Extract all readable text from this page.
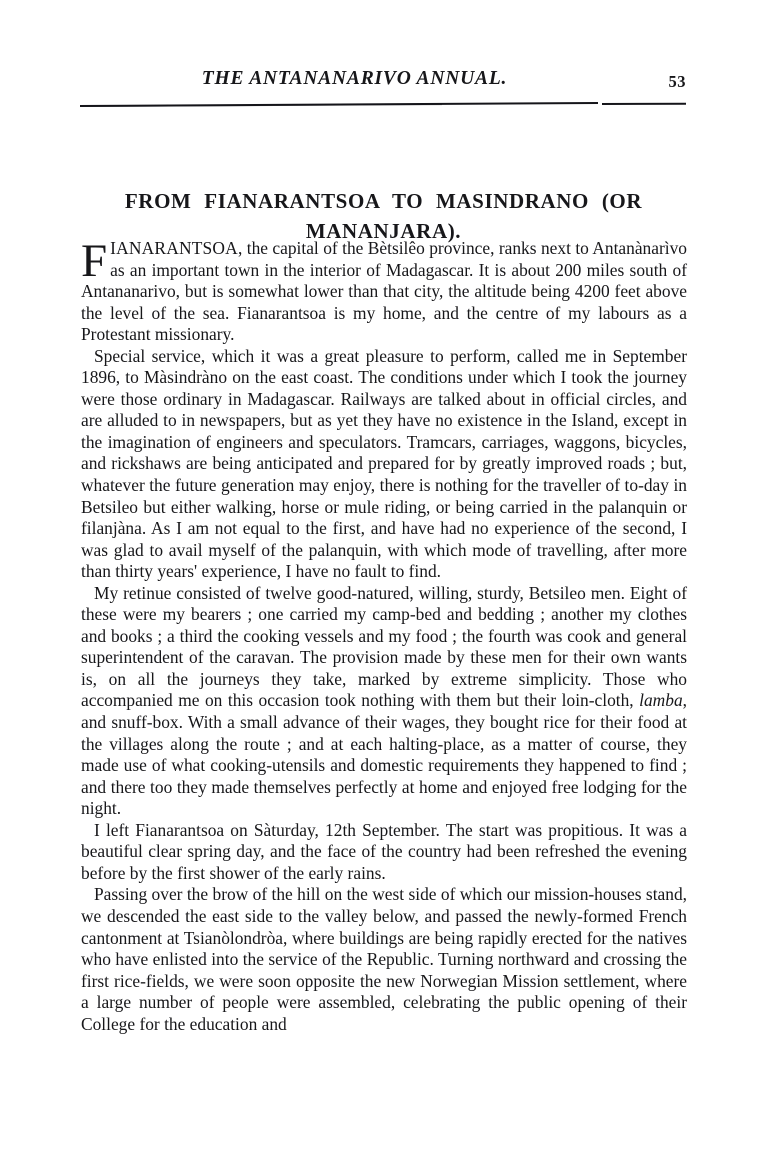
THE ANTANANARIVO ANNUAL.	53
FROM FIANARANTSOA TO MASINDRANO (OR
MANANJARA).

FIANARANTSOA, the capital of the Bètsilêo province, ranks next to Antanànarìvo as an important town in the interior of Madagascar. It is about 200 miles south of Antananarivo, but is somewhat lower than that city, the altitude being 4200 feet above the level of the sea. Fianarantsoa is my home, and the centre of my labours as a Protestant missionary.

Special service, which it was a great pleasure to perform, called me in September 1896, to Màsindràno on the east coast. The conditions under which I took the journey were those ordinary in Madagascar. Railways are talked about in official circles, and are alluded to in newspapers, but as yet they have no existence in the Island, except in the imagination of engineers and speculators. Tramcars, carriages, waggons, bicycles, and rickshaws are being anticipated and prepared for by greatly improved roads ; but, whatever the future generation may enjoy, there is nothing for the traveller of to-day in Betsileo but either walking, horse or mule riding, or being carried in the palanquin or filanjàna. As I am not equal to the first, and have had no experience of the second, I was glad to avail myself of the palanquin, with which mode of travelling, after more than thirty years' experience, I have no fault to find.

My retinue consisted of twelve good-natured, willing, sturdy, Betsileo men. Eight of these were my bearers ; one carried my camp-bed and bedding ; another my clothes and books ; a third the cooking vessels and my food ; the fourth was cook and general superintendent of the caravan. The provision made by these men for their own wants is, on all the journeys they take, marked by extreme simplicity. Those who accompanied me on this occasion took nothing with them but their loin-cloth, lamba, and snuff-box. With a small advance of their wages, they bought rice for their food at the villages along the route ; and at each halting-place, as a matter of course, they made use of what cooking-utensils and domestic requirements they happened to find ; and there too they made themselves perfectly at home and enjoyed free lodging for the night.

I left Fianarantsoa on Sàturday, 12th September. The start was propitious. It was a beautiful clear spring day, and the face of the country had been refreshed the evening before by the first shower of the early rains.

Passing over the brow of the hill on the west side of which our mission-houses stand, we descended the east side to the valley below, and passed the newly-formed French cantonment at Tsianòlondròa, where buildings are being rapidly erected for the natives who have enlisted into the service of the Republic. Turning northward and crossing the first rice-fields, we were soon opposite the new Norwegian Mission settlement, where a large number of people were assembled, celebrating the public opening of their College for the education and
